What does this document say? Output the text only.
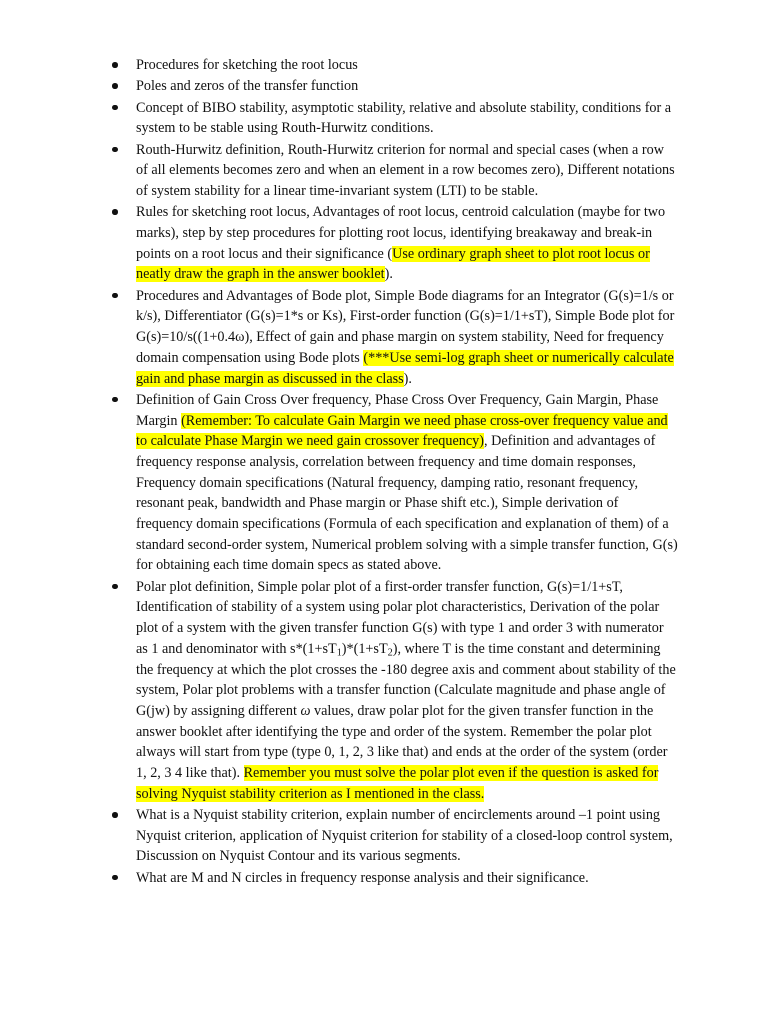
Procedures for sketching the root locus
Poles and zeros of the transfer function
Concept of BIBO stability, asymptotic stability, relative and absolute stability, conditions for a system to be stable using Routh-Hurwitz conditions.
Routh-Hurwitz definition, Routh-Hurwitz criterion for normal and special cases (when a row of all elements becomes zero and when an element in a row becomes zero), Different notations of system stability for a linear time-invariant system (LTI) to be stable.
Rules for sketching root locus, Advantages of root locus, centroid calculation (maybe for two marks), step by step procedures for plotting root locus, identifying breakaway and break-in points on a root locus and their significance (Use ordinary graph sheet to plot root locus or neatly draw the graph in the answer booklet).
Procedures and Advantages of Bode plot, Simple Bode diagrams for an Integrator (G(s)=1/s or k/s), Differentiator (G(s)=1*s or Ks), First-order function (G(s)=1/1+sT), Simple Bode plot for G(s)=10/s((1+0.4ω), Effect of gain and phase margin on system stability, Need for frequency domain compensation using Bode plots (***Use semi-log graph sheet or numerically calculate gain and phase margin as discussed in the class).
Definition of Gain Cross Over frequency, Phase Cross Over Frequency, Gain Margin, Phase Margin (Remember: To calculate Gain Margin we need phase cross-over frequency value and to calculate Phase Margin we need gain crossover frequency), Definition and advantages of frequency response analysis, correlation between frequency and time domain responses, Frequency domain specifications (Natural frequency, damping ratio, resonant frequency, resonant peak, bandwidth and Phase margin or Phase shift etc.), Simple derivation of frequency domain specifications (Formula of each specification and explanation of them) of a standard second-order system, Numerical problem solving with a simple transfer function, G(s) for obtaining each time domain specs as stated above.
Polar plot definition, Simple polar plot of a first-order transfer function, G(s)=1/1+sT, Identification of stability of a system using polar plot characteristics, Derivation of the polar plot of a system with the given transfer function G(s) with type 1 and order 3 with numerator as 1 and denominator with $s*(1+sT_1)*(1+sT_2)$, where T is the time constant and determining the frequency at which the plot crosses the -180 degree axis and comment about stability of the system, Polar plot problems with a transfer function (Calculate magnitude and phase angle of G(jw) by assigning different ω values, draw polar plot for the given transfer function in the answer booklet after identifying the type and order of the system. Remember the polar plot always will start from type (type 0, 1, 2, 3 like that) and ends at the order of the system (order 1, 2, 3 4 like that). Remember you must solve the polar plot even if the question is asked for solving Nyquist stability criterion as I mentioned in the class.
What is a Nyquist stability criterion, explain number of encirclements around –1 point using Nyquist criterion, application of Nyquist criterion for stability of a closed-loop control system, Discussion on Nyquist Contour and its various segments.
What are M and N circles in frequency response analysis and their significance.
